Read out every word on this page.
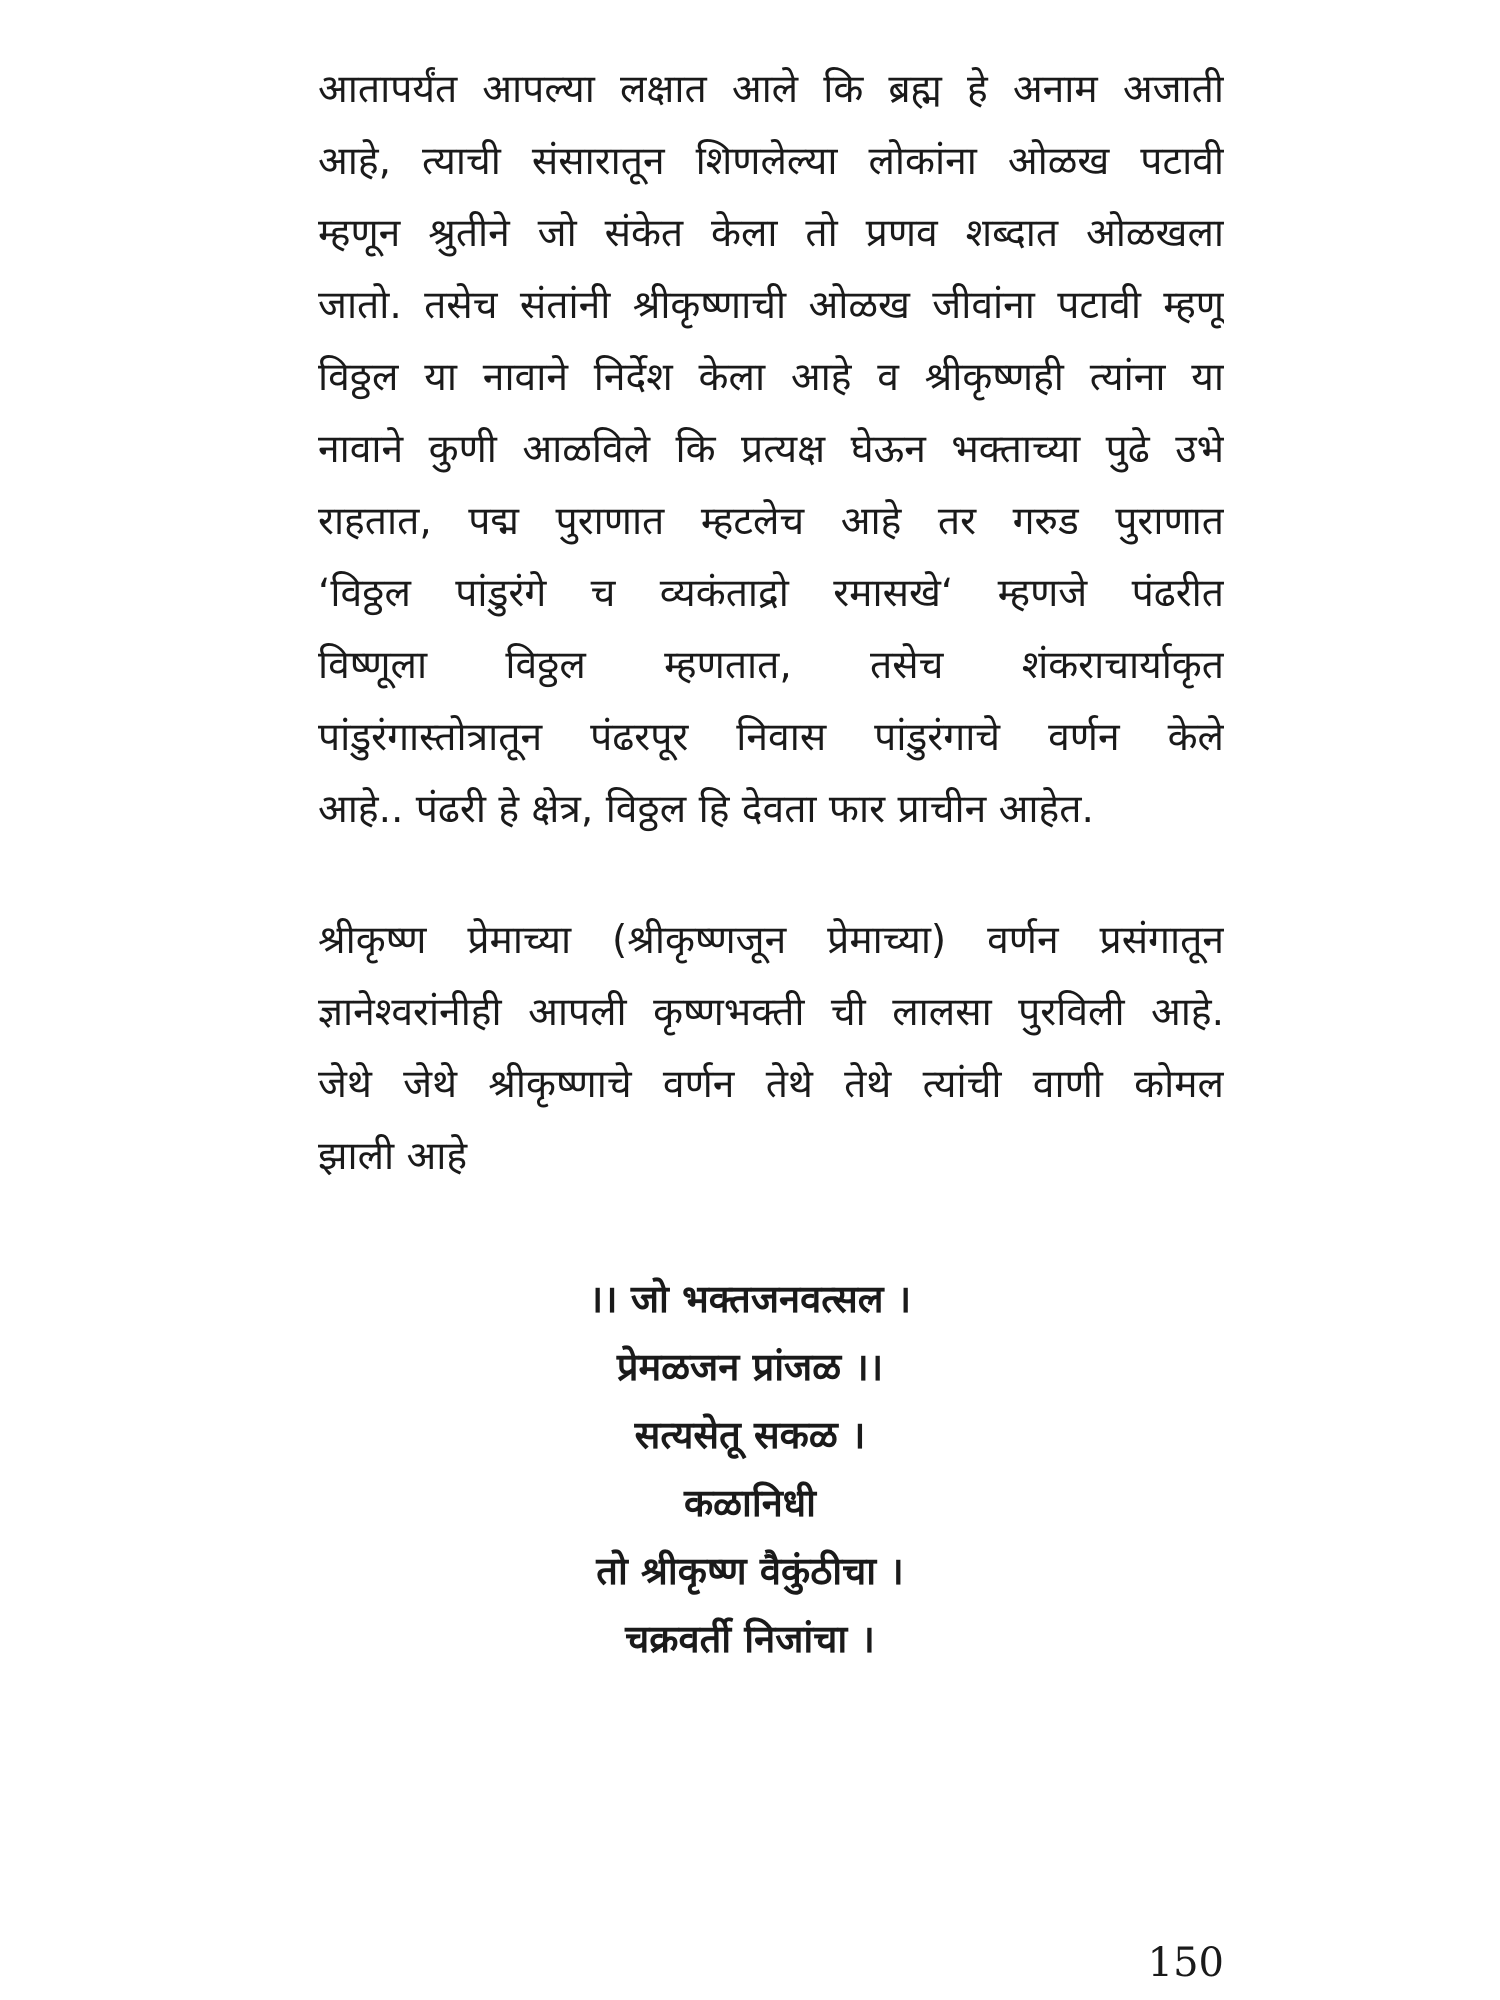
आतापर्यंत आपल्या लक्षात आले कि ब्रह्म हे अनाम अजाती
आहे, त्याची संसारातून शिणलेल्या लोकांना ओळख पटावी
म्हणून श्रुतीने जो संकेत केला तो प्रणव शब्दात ओळखला
जातो. तसेच संतांनी श्रीकृष्णाची ओळख जीवांना पटावी म्हणू
विठ्ठल या नावाने निर्देश केला आहे व श्रीकृष्णही त्यांना या
नावाने कुणी आळविले कि प्रत्यक्ष घेऊन भक्ताच्या पुढे उभे
राहतात, पद्म पुराणात म्हटलेच आहे तर गरुड पुराणात
‘विठ्ठल पांडुरंगे च व्यकंताद्रो रमासखे‘ म्हणजे पंढरीत
विष्णूला विठ्ठल म्हणतात, तसेच शंकराचार्याकृत
पांडुरंगास्तोत्रातून पंढरपूर निवास पांडुरंगाचे वर्णन केले
आहे.. पंढरी हे क्षेत्र, विठ्ठल हि देवता फार प्राचीन आहेत.
श्रीकृष्ण प्रेमाच्या (श्रीकृष्णजून प्रेमाच्या) वर्णन प्रसंगातून
ज्ञानेश्वरांनीही आपली कृष्णभक्ती ची लालसा पुरविली आहे.
जेथे जेथे श्रीकृष्णाचे वर्णन तेथे तेथे त्यांची वाणी कोमल
झाली आहे
।। जो भक्तजनवत्सल ।
प्रेमळजन प्रांजळ ।।
सत्यसेतू सकळ ।
कळानिधी
तो श्रीकृष्ण वैकुंठीचा ।
चक्रवर्ती निजांचा ।
150
